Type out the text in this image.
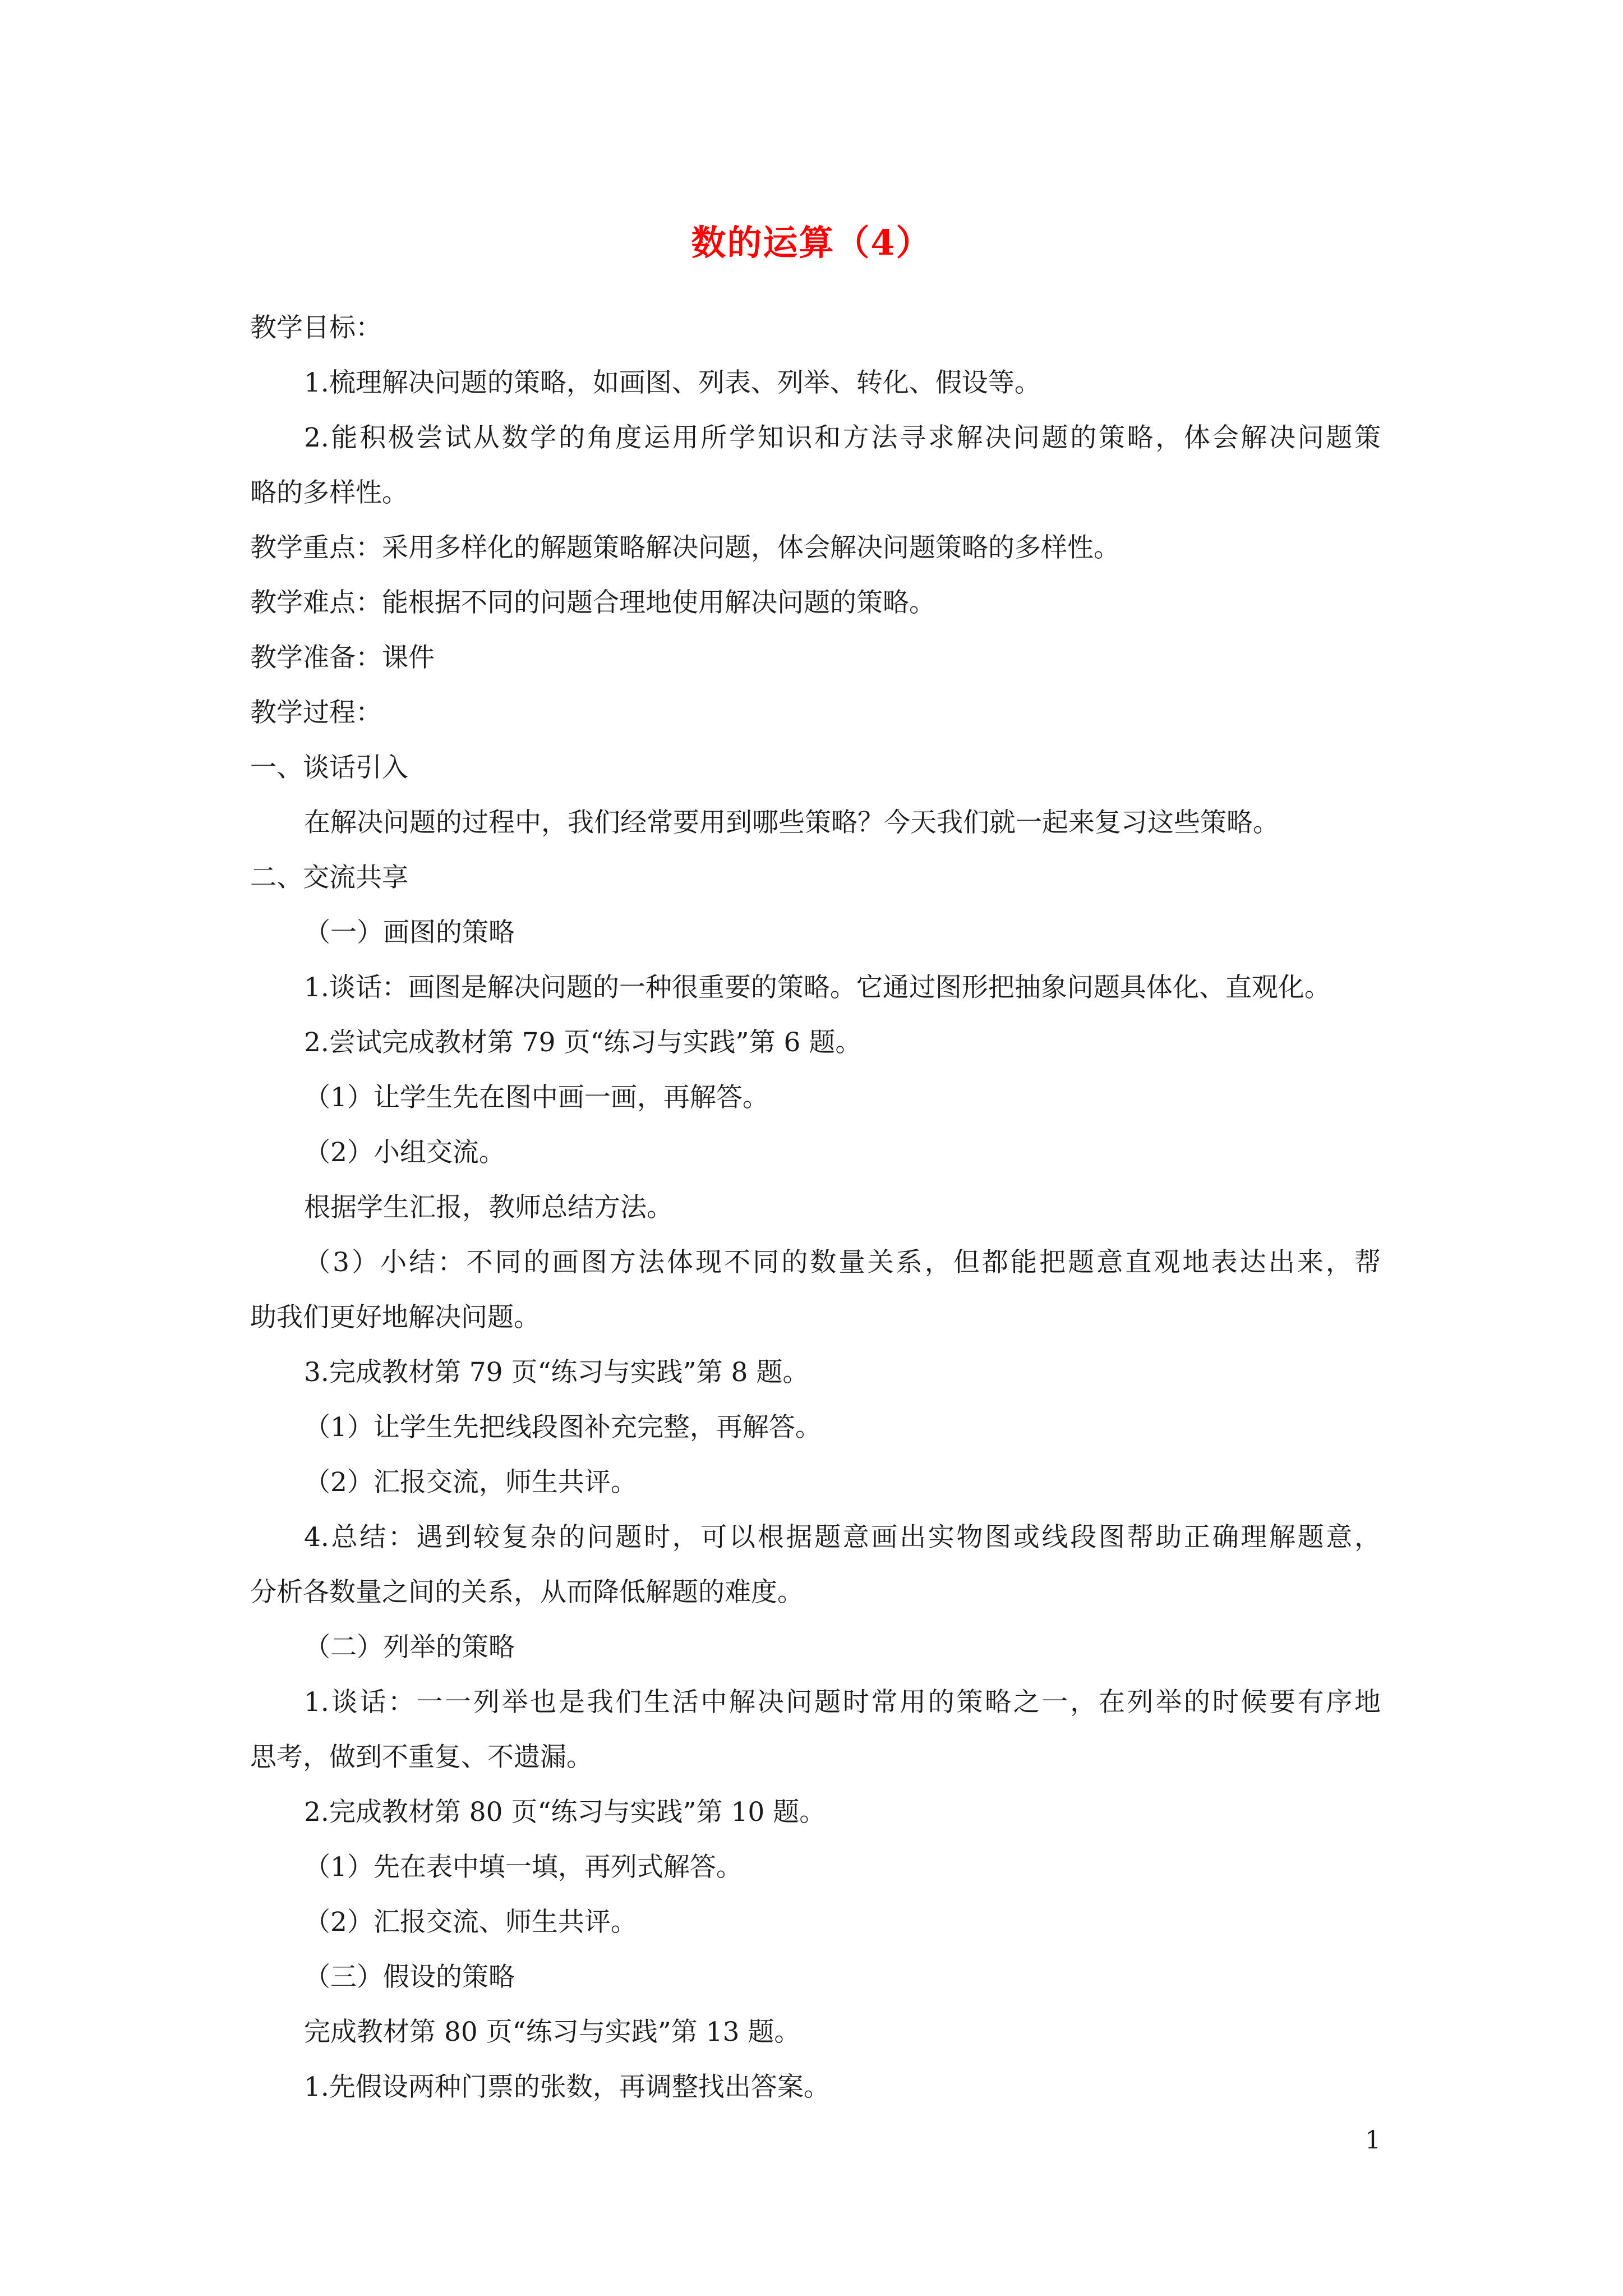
数的运算（4）
教学目标：
1.梳理解决问题的策略，如画图、列表、列举、转化、假设等。
2.能积极尝试从数学的角度运用所学知识和方法寻求解决问题的策略，体会解决问题策
略的多样性。
教学重点：采用多样化的解题策略解决问题，体会解决问题策略的多样性。
教学难点：能根据不同的问题合理地使用解决问题的策略。
教学准备：课件
教学过程：
一、谈话引入
在解决问题的过程中，我们经常要用到哪些策略？今天我们就一起来复习这些策略。
二、交流共享
（一）画图的策略
1.谈话：画图是解决问题的一种很重要的策略。它通过图形把抽象问题具体化、直观化。
2.尝试完成教材第 79 页“练习与实践”第 6 题。
（1）让学生先在图中画一画，再解答。
（2）小组交流。
根据学生汇报，教师总结方法。
（3）小结：不同的画图方法体现不同的数量关系，但都能把题意直观地表达出来，帮
助我们更好地解决问题。
3.完成教材第 79 页“练习与实践”第 8 题。
（1）让学生先把线段图补充完整，再解答。
（2）汇报交流，师生共评。
4.总结：遇到较复杂的问题时，可以根据题意画出实物图或线段图帮助正确理解题意，
分析各数量之间的关系，从而降低解题的难度。
（二）列举的策略
1.谈话：一一列举也是我们生活中解决问题时常用的策略之一，在列举的时候要有序地
思考，做到不重复、不遗漏。
2.完成教材第 80 页“练习与实践”第 10 题。
（1）先在表中填一填，再列式解答。
（2）汇报交流、师生共评。
（三）假设的策略
完成教材第 80 页“练习与实践”第 13 题。
1.先假设两种门票的张数，再调整找出答案。
1
